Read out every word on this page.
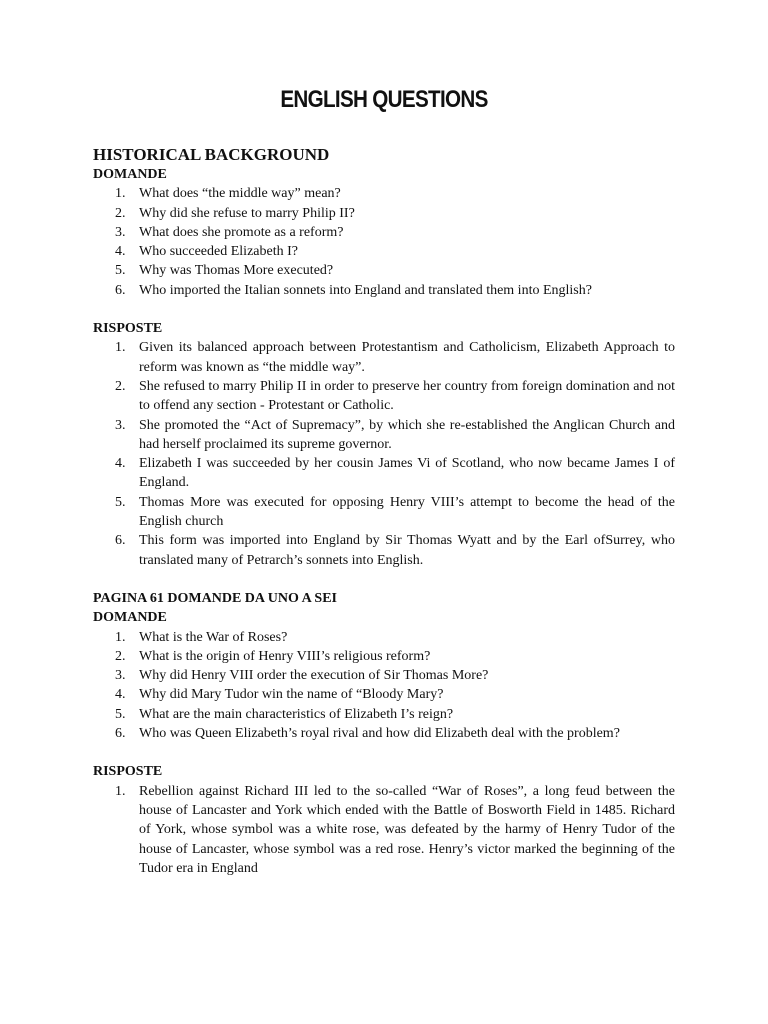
ENGLISH QUESTIONS
HISTORICAL BACKGROUND
DOMANDE
1. What does “the middle way” mean?
2. Why did she refuse to marry Philip II?
3. What does she promote as a reform?
4. Who succeeded Elizabeth I?
5. Why was Thomas More executed?
6. Who imported the Italian sonnets into England and translated them into English?
RISPOSTE
1. Given its balanced approach between Protestantism and Catholicism, Elizabeth Approach to reform was known as “the middle way”.
2. She refused to marry Philip II in order to preserve her country from foreign domination and not to offend any section - Protestant or Catholic.
3. She promoted the “Act of Supremacy”, by which she re-established the Anglican Church and had herself proclaimed its supreme governor.
4. Elizabeth I was succeeded by her cousin James Vi of Scotland, who now became James I of England.
5. Thomas More was executed for opposing Henry VIII’s attempt to become the head of the English church
6. This form was imported into England by Sir Thomas Wyatt and by the Earl ofSurrey, who translated many of Petrarch’s sonnets into English.
PAGINA 61 DOMANDE DA UNO A SEI
DOMANDE
1. What is the War of Roses?
2. What is the origin of Henry VIII’s religious reform?
3. Why did Henry VIII order the execution of Sir Thomas More?
4. Why did Mary Tudor win the name of “Bloody Mary?
5. What are the main characteristics of Elizabeth I’s reign?
6. Who was Queen Elizabeth’s royal rival and how did Elizabeth deal with the problem?
RISPOSTE
1. Rebellion against Richard III led to the so-called “War of Roses”, a long feud between the house of Lancaster and York which ended with the Battle of Bosworth Field in 1485. Richard of York, whose symbol was a white rose, was defeated by the harmy of Henry Tudor of the house of Lancaster, whose symbol was a red rose. Henry’s victor marked the beginning of the Tudor era in England
